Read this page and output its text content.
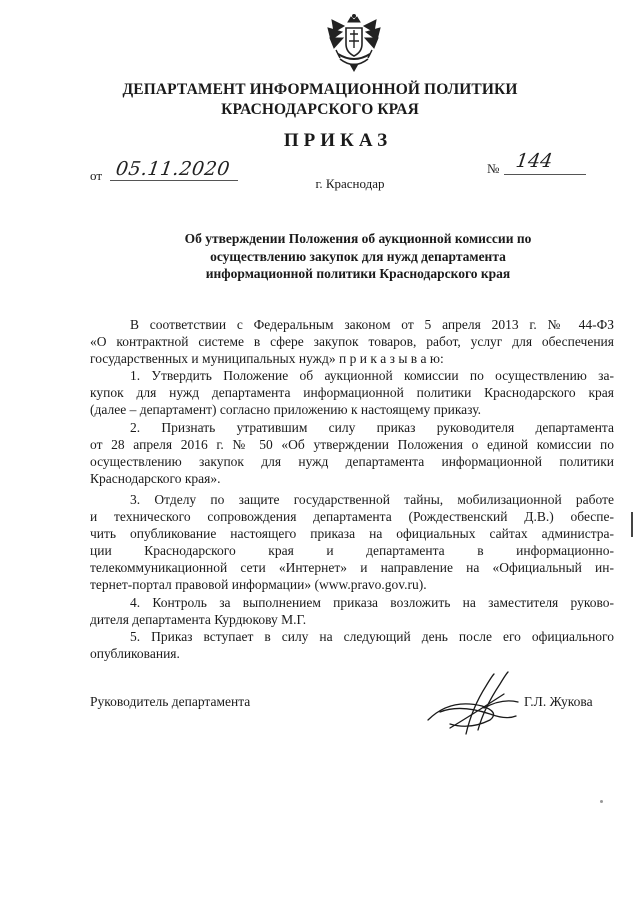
ДЕПАРТАМЕНТ ИНФОРМАЦИОННОЙ ПОЛИТИКИ
КРАСНОДАРСКОГО КРАЯ
ПРИКАЗ
от 05.11.2020	№ 144
г. Краснодар
Об утверждении Положения об аукционной комиссии по
осуществлению закупок для нужд департамента
информационной политики Краснодарского края
В соответствии с Федеральным законом от 5 апреля 2013 г. № 44-ФЗ
«О контрактной системе в сфере закупок товаров, работ, услуг для обеспечения
государственных и муниципальных нужд» п р и к а з ы в а ю:
1. Утвердить Положение об аукционной комиссии по осуществлению за-
купок для нужд департамента информационной политики Краснодарского края
(далее – департамент) согласно приложению к настоящему приказу.
2. Признать утратившим силу приказ руководителя департамента
от 28 апреля 2016 г. № 50 «Об утверждении Положения о единой комиссии по
осуществлению закупок для нужд департамента информационной политики
Краснодарского края».
3. Отделу по защите государственной тайны, мобилизационной работе
и технического сопровождения департамента (Рождественский Д.В.) обеспе-
чить опубликование настоящего приказа на официальных сайтах администра-
ции Краснодарского края и департамента в информационно-
телекоммуникационной сети «Интернет» и направление на «Официальный ин-
тернет-портал правовой информации» (www.pravo.gov.ru).
4. Контроль за выполнением приказа возложить на заместителя руково-
дителя департамента Курдюкову М.Г.
5. Приказ вступает в силу на следующий день после его официального
опубликования.
Руководитель департамента	Г.Л. Жукова
